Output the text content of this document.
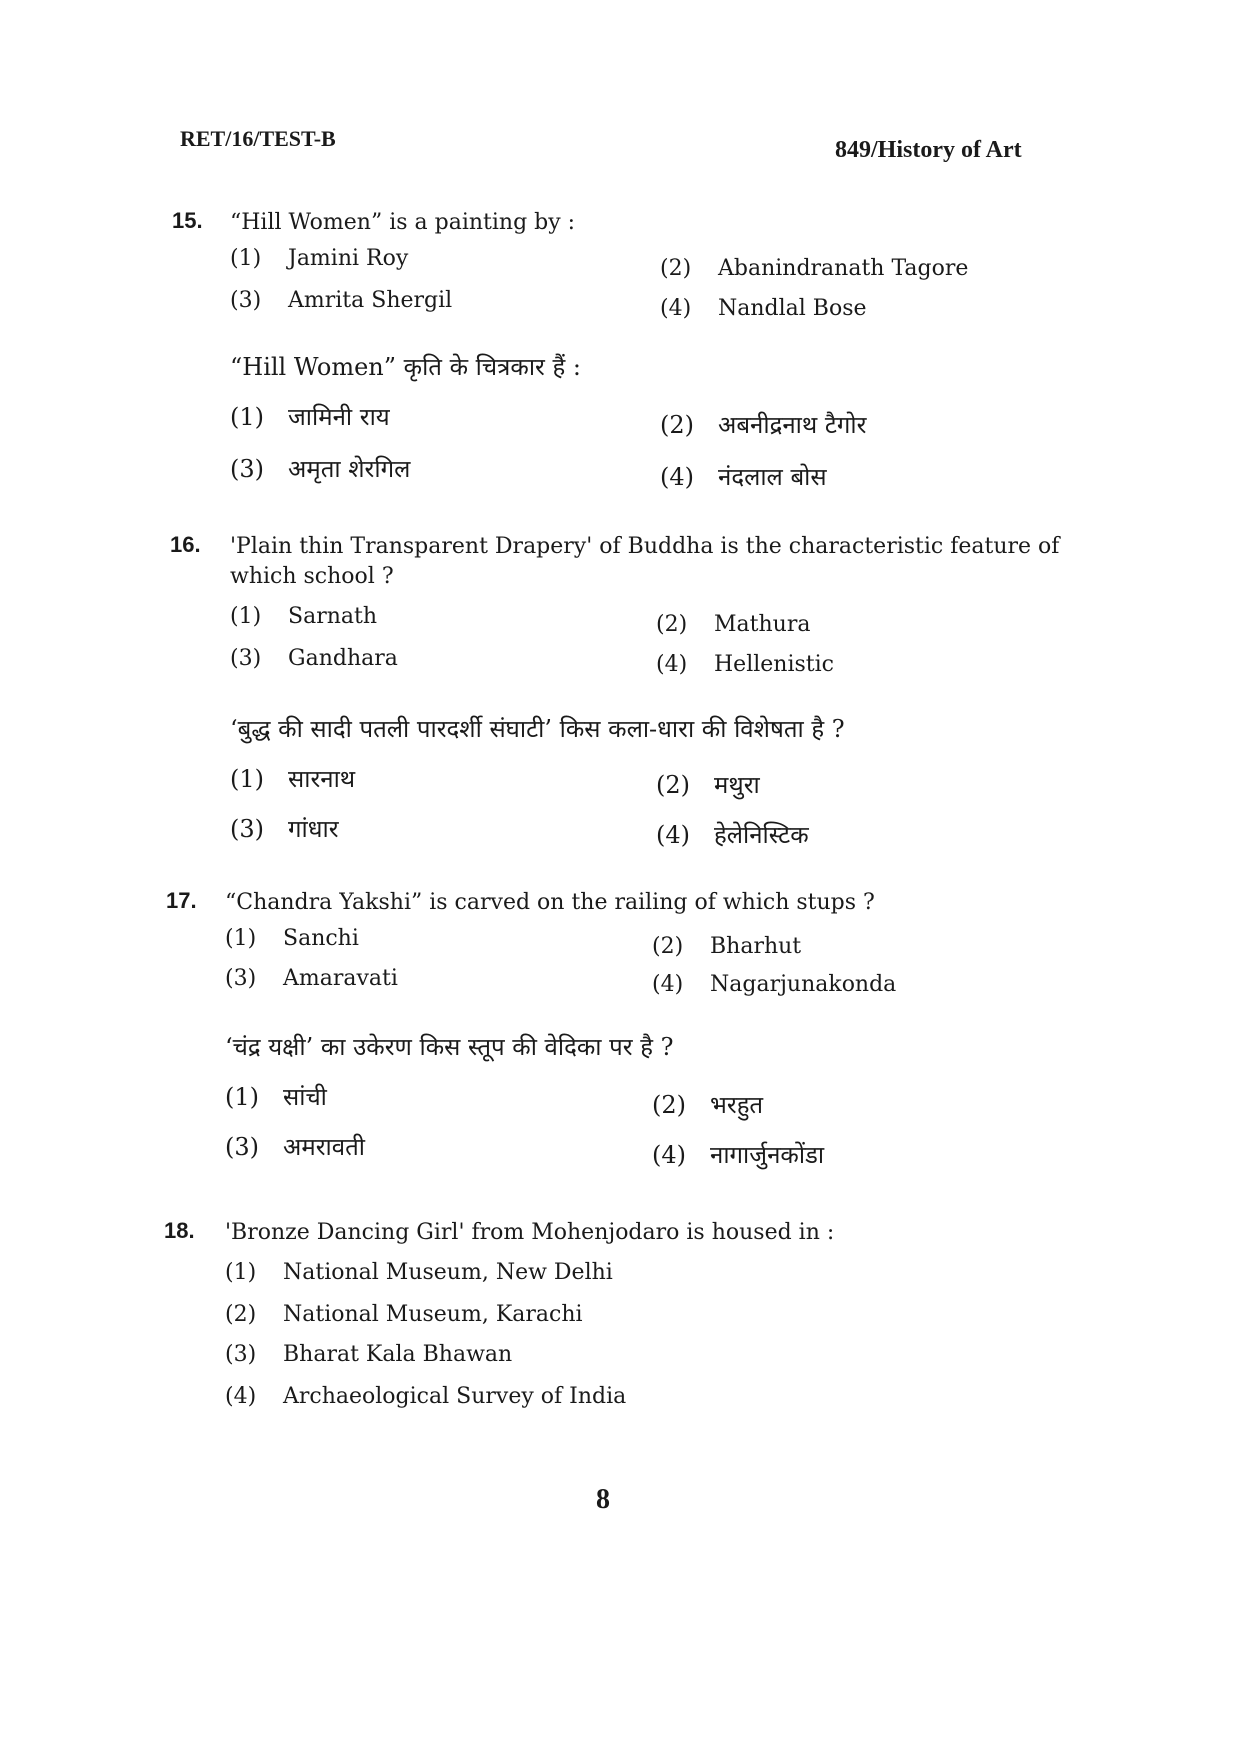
RET/16/TEST-B	849/History of Art
15. “Hill Women” is a painting by :
(1) Jamini Roy	(2) Abanindranath Tagore
(3) Amrita Shergil	(4) Nandlal Bose
“Hill Women” कृति के चित्रकार हैं :
(1) जामिनी राय	(2) अबनीद्रनाथ टैगोर
(3) अमृता शेरगिल	(4) नंदलाल बोस
16. 'Plain thin Transparent Drapery' of Buddha is the characteristic feature of which school ?
(1) Sarnath	(2) Mathura
(3) Gandhara	(4) Hellenistic
‘बुद्ध की सादी पतली पारदर्शी संघाटी’ किस कला-धारा की विशेषता है ?
(1) सारनाथ	(2) मथुरा
(3) गांधार	(4) हेलेनिस्टिक
17. “Chandra Yakshi” is carved on the railing of which stups ?
(1) Sanchi	(2) Bharhut
(3) Amaravati	(4) Nagarjunakonda
‘चंद्र यक्षी’ का उकेरण किस स्तूप की वेदिका पर है ?
(1) सांची	(2) भरहुत
(3) अमरावती	(4) नागार्जुनकोंडा
18. 'Bronze Dancing Girl' from Mohenjodaro is housed in :
(1) National Museum, New Delhi
(2) National Museum, Karachi
(3) Bharat Kala Bhawan
(4) Archaeological Survey of India
8
